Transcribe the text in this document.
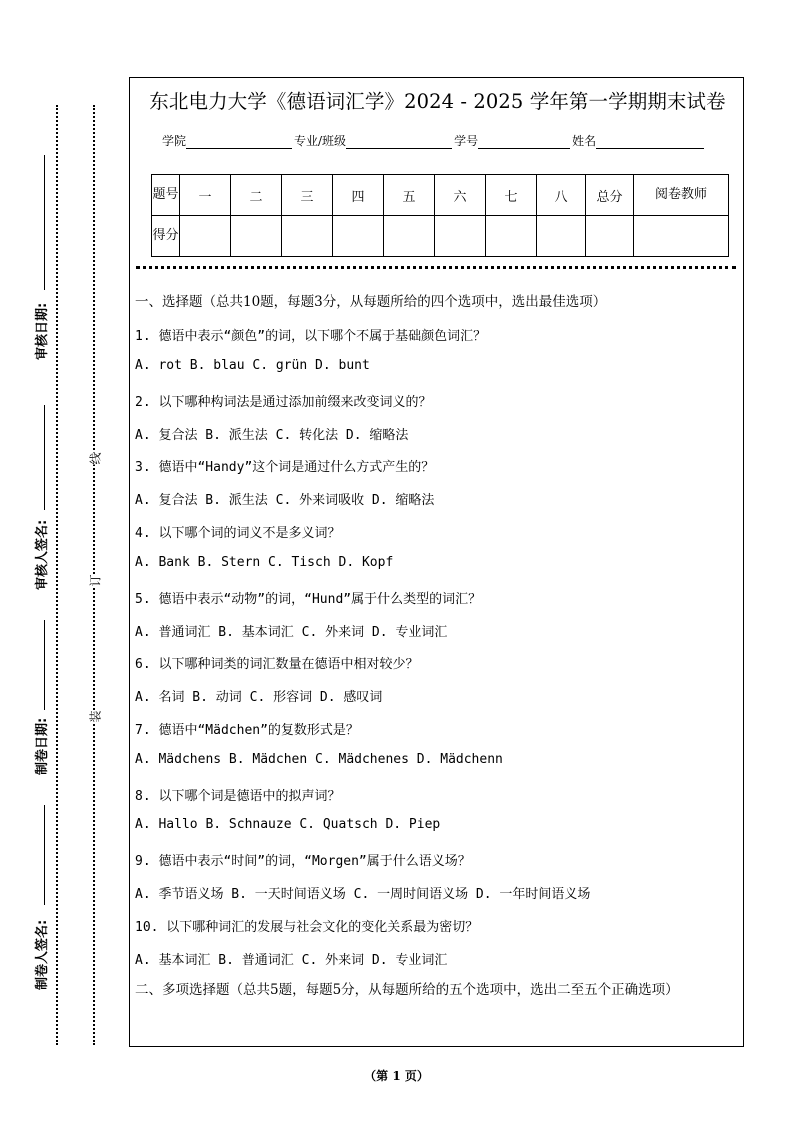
审核日期:
审核人签名:
制卷日期:
制卷人签名:
线
订
装
东北电力大学《德语词汇学》2024 - 2025 学年第一学期期末试卷
学院	专业/班级	学号	姓名
题号	一	二	三	四	五	六	七	八	总分	阅卷教师
得分										
一、选择题（总共10题，每题3分，从每题所给的四个选项中，选出最佳选项）
1. 德语中表示“颜色”的词，以下哪个不属于基础颜色词汇？
A. rot B. blau C. grün D. bunt
2. 以下哪种构词法是通过添加前缀来改变词义的？
A. 复合法 B. 派生法 C. 转化法 D. 缩略法
3. 德语中“Handy”这个词是通过什么方式产生的？
A. 复合法 B. 派生法 C. 外来词吸收 D. 缩略法
4. 以下哪个词的词义不是多义词？
A. Bank B. Stern C. Tisch D. Kopf
5. 德语中表示“动物”的词，“Hund”属于什么类型的词汇？
A. 普通词汇 B. 基本词汇 C. 外来词 D. 专业词汇
6. 以下哪种词类的词汇数量在德语中相对较少？
A. 名词 B. 动词 C. 形容词 D. 感叹词
7. 德语中“Mädchen”的复数形式是？
A. Mädchens B. Mädchen C. Mädchenes D. Mädchenn
8. 以下哪个词是德语中的拟声词？
A. Hallo B. Schnauze C. Quatsch D. Piep
9. 德语中表示“时间”的词，“Morgen”属于什么语义场？
A. 季节语义场 B. 一天时间语义场 C. 一周时间语义场 D. 一年时间语义场
10. 以下哪种词汇的发展与社会文化的变化关系最为密切？
A. 基本词汇 B. 普通词汇 C. 外来词 D. 专业词汇
二、多项选择题（总共5题，每题5分，从每题所给的五个选项中，选出二至五个正确选项）
（第 1 页）
